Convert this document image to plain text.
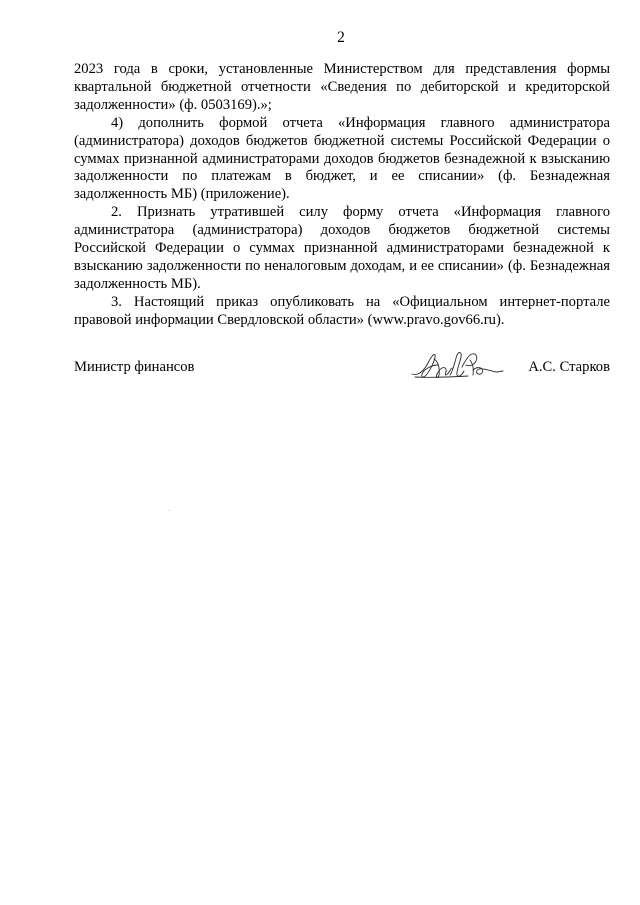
2

2023 года в сроки, установленные Министерством для представления формы квартальной бюджетной отчетности «Сведения по дебиторской и кредиторской задолженности» (ф. 0503169).»;

4) дополнить формой отчета «Информация главного администратора (администратора) доходов бюджетов бюджетной системы Российской Федерации о суммах признанной администраторами доходов бюджетов безнадежной к взысканию задолженности по платежам в бюджет, и ее списании» (ф. Безнадежная задолженность МБ) (приложение).

2. Признать утратившей силу форму отчета «Информация главного администратора (администратора) доходов бюджетов бюджетной системы Российской Федерации о суммах признанной администраторами безнадежной к взысканию задолженности по неналоговым доходам, и ее списании» (ф. Безнадежная задолженность МБ).

3. Настоящий приказ опубликовать на «Официальном интернет-портале правовой информации Свердловской области» (www.pravo.gov66.ru).

Министр финансов	А.С. Старков
